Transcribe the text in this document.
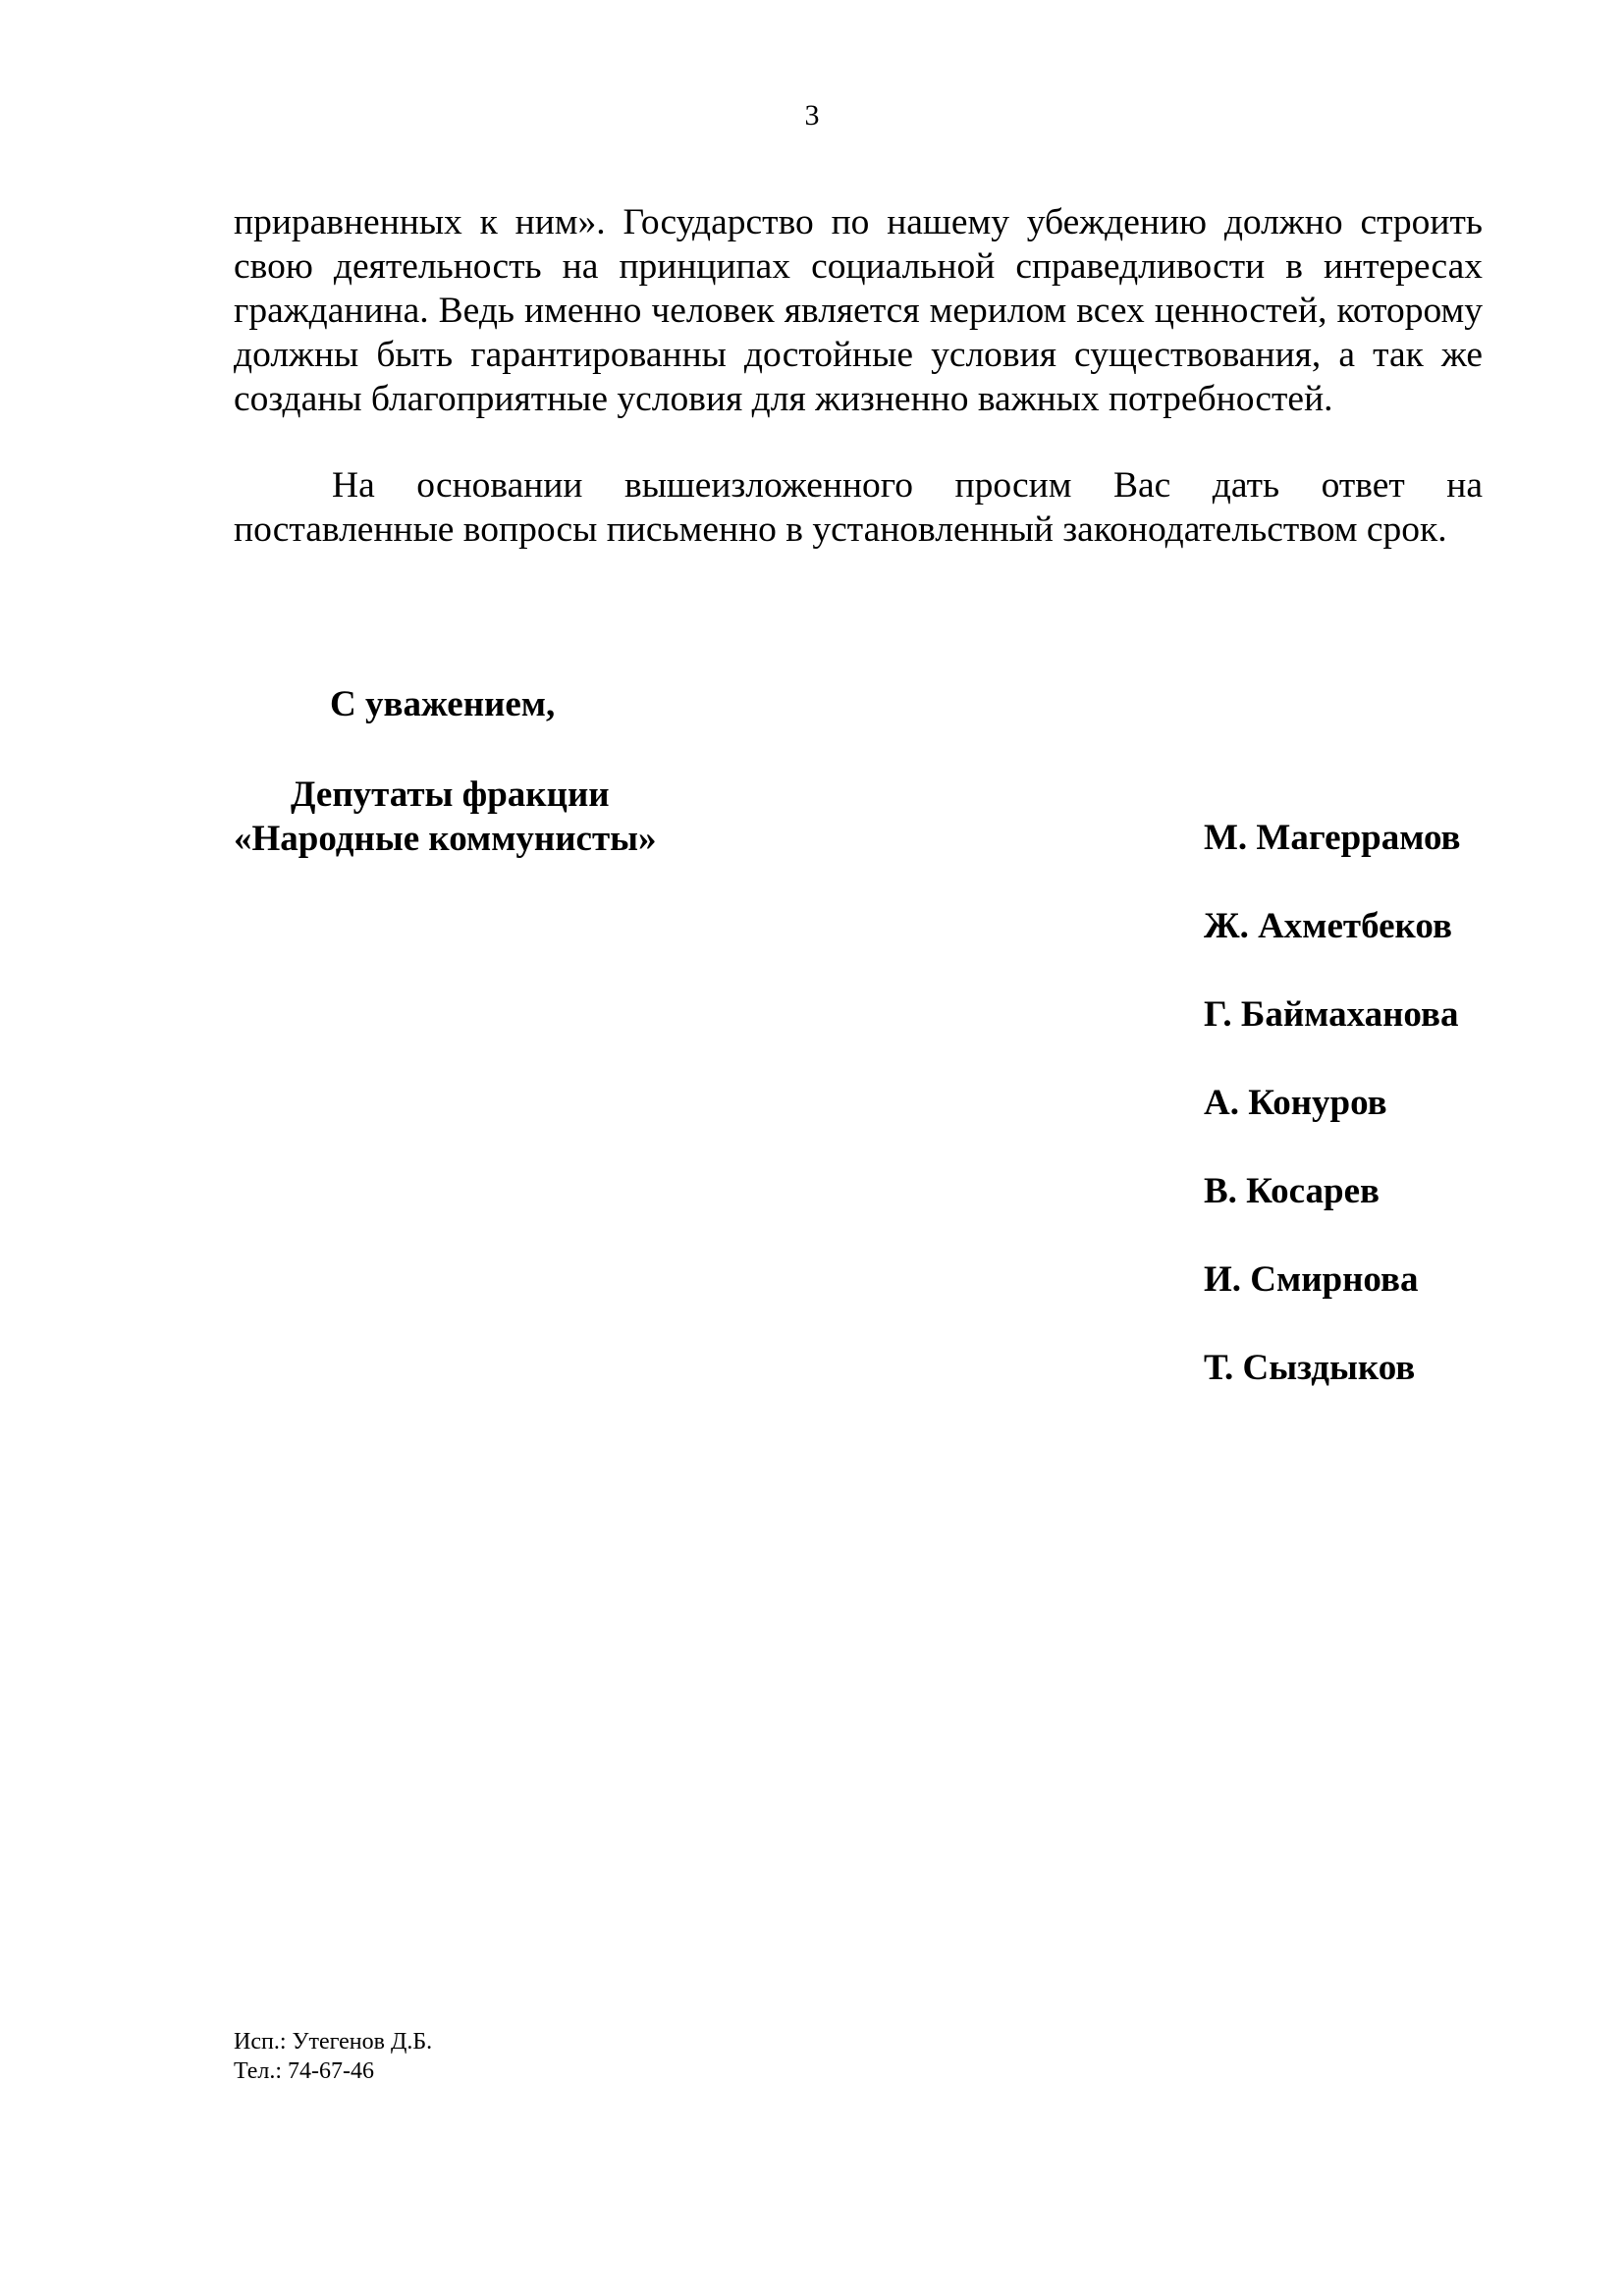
3

приравненных к ним». Государство по нашему убеждению должно строить свою деятельность на принципах социальной справедливости в интересах гражданина. Ведь именно человек является мерилом всех ценностей, которому должны быть гарантированны достойные условия существования, а так же созданы благоприятные условия для жизненно важных потребностей.

На основании вышеизложенного просим Вас дать ответ на поставленные вопросы письменно в установленный законодательством срок.

С уважением,
Депутаты фракции
«Народные коммунисты»	М. Магеррамов
Ж. Ахметбеков
Г. Баймаханова
А. Конуров
В. Косарев
И. Смирнова
Т. Сыздыков
Исп.: Утегенов Д.Б.
Тел.: 74-67-46
